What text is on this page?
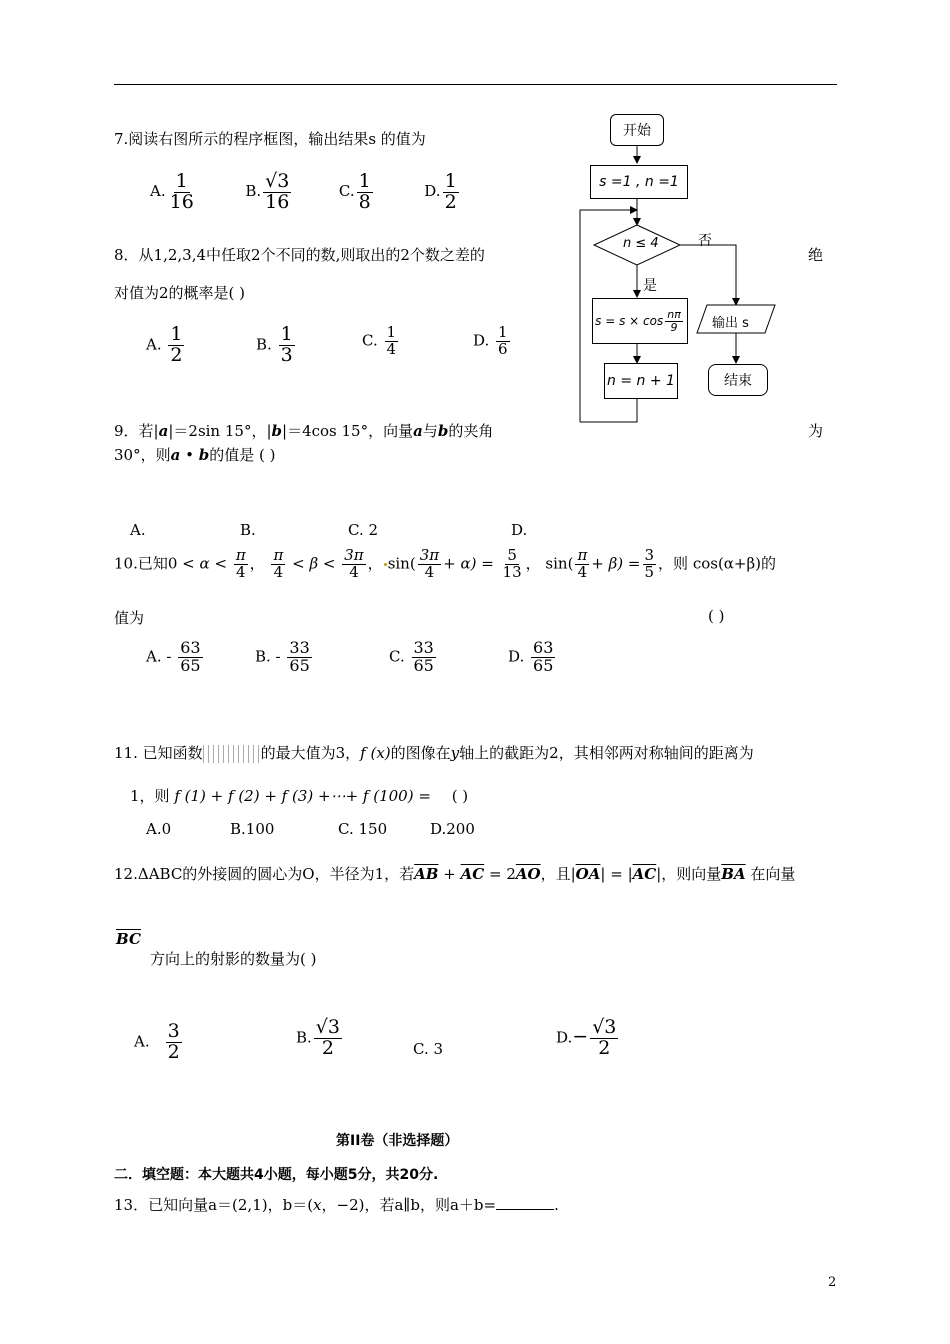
7.阅读右图所示的程序框图，输出结果s 的值为
A. $\frac{1}{16}$	B. $\frac{√3}{16}$	C. $\frac{1}{8}$	D. $\frac{1}{2}$
开始
s =1 , n =1
n ≤ 4	否
是
$s = s \times \cos \frac{n\pi}{9}$ 输出 s
n = n + 1	结束
8．从1,2,3,4中任取2个不同的数,则取出的2个数之差的	绝
对值为2的概率是( )
A. $\frac{1}{2}$	B. $\frac{1}{3}$	C. $\frac{1}{4}$	D. $\frac{1}{6}$
9．若|a|＝2sin 15°，|b|＝4cos 15°，向量a与b的夹角	为
30°，则a • b的值是 ( )
A.	B.	C. 2	D.
10.已知$0 < \alpha < \frac{\pi}{4}$ ， $\frac{\pi}{4} < \beta < \frac{3\pi}{4}$ ， $\sin( \frac{3\pi}{4} + \alpha) = \frac{5}{13}$ ， $\sin( \frac{\pi}{4} + \beta) = \frac{3}{5}$ ，则 cos(α+β)的
值为	( )
A. - $\frac{63}{65}$	B. - $\frac{33}{65}$	C. $\frac{33}{65}$	D. $\frac{63}{65}$
11. 已知函数	的最大值为3，f (x)的图像在y轴上的截距为2，其相邻两对称轴间的距离为
1，则 f (1) + f (2) + f (3) +⋯+ f (100) = ( )
A.0	B.100	C. 150	D.200
12.ΔABC的外接圆的圆心为O，半径为1，若$\overline{AB} + \overline{AC} = 2\overline{AO}$，且$|\overline{OA}| = |\overline{AC}|$，则向量$\overline{BA}$ 在向量
$\overline{BC}$
方向上的射影的数量为( )
A. $\frac{3}{2}$	B. $\frac{√3}{2}$	C. 3
$D.- \frac{√3}{2}$
第II卷（非选择题）
二．填空题：本大题共4小题，每小题5分，共20分.
13．已知向量a＝(2,1)，b＝(x，−2)，若a∥b，则a＋b=	.
2
